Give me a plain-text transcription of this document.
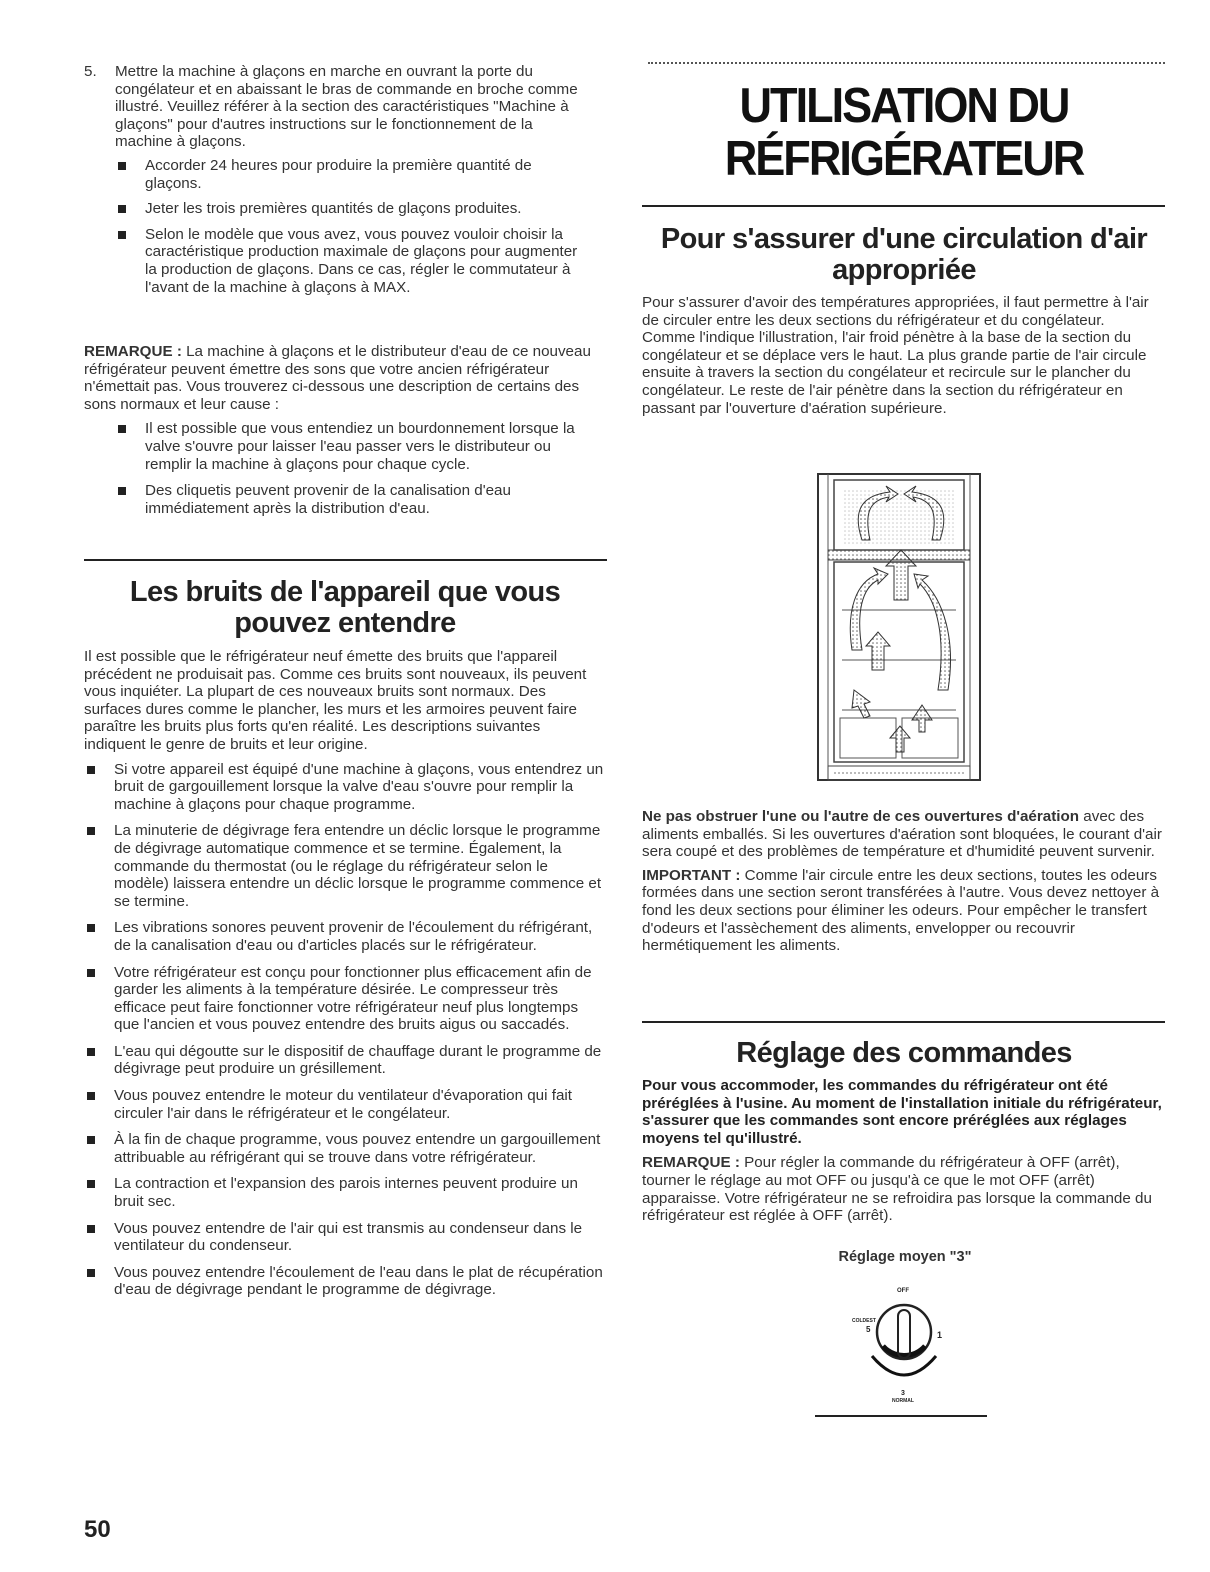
5. Mettre la machine à glaçons en marche en ouvrant la porte du congélateur et en abaissant le bras de commande en broche comme illustré. Veuillez référer à la section des caractéristiques "Machine à glaçons" pour d'autres instructions sur le fonctionnement de la machine à glaçons.

Accorder 24 heures pour produire la première quantité de glaçons.
Jeter les trois premières quantités de glaçons produites.
Selon le modèle que vous avez, vous pouvez vouloir choisir la caractéristique production maximale de glaçons pour augmenter la production de glaçons. Dans ce cas, régler le commutateur à l'avant de la machine à glaçons à MAX.

REMARQUE : La machine à glaçons et le distributeur d'eau de ce nouveau réfrigérateur peuvent émettre des sons que votre ancien réfrigérateur n'émettait pas. Vous trouverez ci-dessous une description de certains des sons normaux et leur cause :

Il est possible que vous entendiez un bourdonnement lorsque la valve s'ouvre pour laisser l'eau passer vers le distributeur ou remplir la machine à glaçons pour chaque cycle.
Des cliquetis peuvent provenir de la canalisation d'eau immédiatement après la distribution d'eau.
Les bruits de l'appareil que vous pouvez entendre

Il est possible que le réfrigérateur neuf émette des bruits que l'appareil précédent ne produisait pas. Comme ces bruits sont nouveaux, ils peuvent vous inquiéter. La plupart de ces nouveaux bruits sont normaux. Des surfaces dures comme le plancher, les murs et les armoires peuvent faire paraître les bruits plus forts qu'en réalité. Les descriptions suivantes indiquent le genre de bruits et leur origine.

Si votre appareil est équipé d'une machine à glaçons, vous entendrez un bruit de gargouillement lorsque la valve d'eau s'ouvre pour remplir la machine à glaçons pour chaque programme.
La minuterie de dégivrage fera entendre un déclic lorsque le programme de dégivrage automatique commence et se termine. Également, la commande du thermostat (ou le réglage du réfrigérateur selon le modèle) laissera entendre un déclic lorsque le programme commence et se termine.
Les vibrations sonores peuvent provenir de l'écoulement du réfrigérant, de la canalisation d'eau ou d'articles placés sur le réfrigérateur.
Votre réfrigérateur est conçu pour fonctionner plus efficacement afin de garder les aliments à la température désirée. Le compresseur très efficace peut faire fonctionner votre réfrigérateur neuf plus longtemps que l'ancien et vous pouvez entendre des bruits aigus ou saccadés.
L'eau qui dégoutte sur le dispositif de chauffage durant le programme de dégivrage peut produire un grésillement.
Vous pouvez entendre le moteur du ventilateur d'évaporation qui fait circuler l'air dans le réfrigérateur et le congélateur.
À la fin de chaque programme, vous pouvez entendre un gargouillement attribuable au réfrigérant qui se trouve dans votre réfrigérateur.
La contraction et l'expansion des parois internes peuvent produire un bruit sec.
Vous pouvez entendre de l'air qui est transmis au condenseur dans le ventilateur du condenseur.
Vous pouvez entendre l'écoulement de l'eau dans le plat de récupération d'eau de dégivrage pendant le programme de dégivrage.
50
UTILISATION DU
RÉFRIGÉRATEUR
Pour s'assurer d'une circulation d'air appropriée

Pour s'assurer d'avoir des températures appropriées, il faut permettre à l'air de circuler entre les deux sections du réfrigérateur et du congélateur. Comme l'indique l'illustration, l'air froid pénètre à la base de la section du congélateur et se déplace vers le haut. La plus grande partie de l'air circule ensuite à travers la section du congélateur et recircule sur le plancher du congélateur. Le reste de l'air pénètre dans la section du réfrigérateur en passant par l'ouverture d'aération supérieure.

Ne pas obstruer l'une ou l'autre de ces ouvertures d'aération avec des aliments emballés. Si les ouvertures d'aération sont bloquées, le courant d'air sera coupé et des problèmes de température et d'humidité peuvent survenir.

IMPORTANT : Comme l'air circule entre les deux sections, toutes les odeurs formées dans une section seront transférées à l'autre. Vous devez nettoyer à fond les deux sections pour éliminer les odeurs. Pour empêcher le transfert d'odeurs et l'assèchement des aliments, envelopper ou recouvrir hermétiquement les aliments.

Réglage des commandes

Pour vous accommoder, les commandes du réfrigérateur ont été préréglées à l'usine. Au moment de l'installation initiale du réfrigérateur, s'assurer que les commandes sont encore préréglées aux réglages moyens tel qu'illustré.

REMARQUE : Pour régler la commande du réfrigérateur à OFF (arrêt), tourner le réglage au mot OFF ou jusqu'à ce que le mot OFF (arrêt) apparaisse. Votre réfrigérateur ne se refroidira pas lorsque la commande du réfrigérateur est réglée à OFF (arrêt).

Réglage moyen "3"

OFF
COLDEST
5
1
3
NORMAL
